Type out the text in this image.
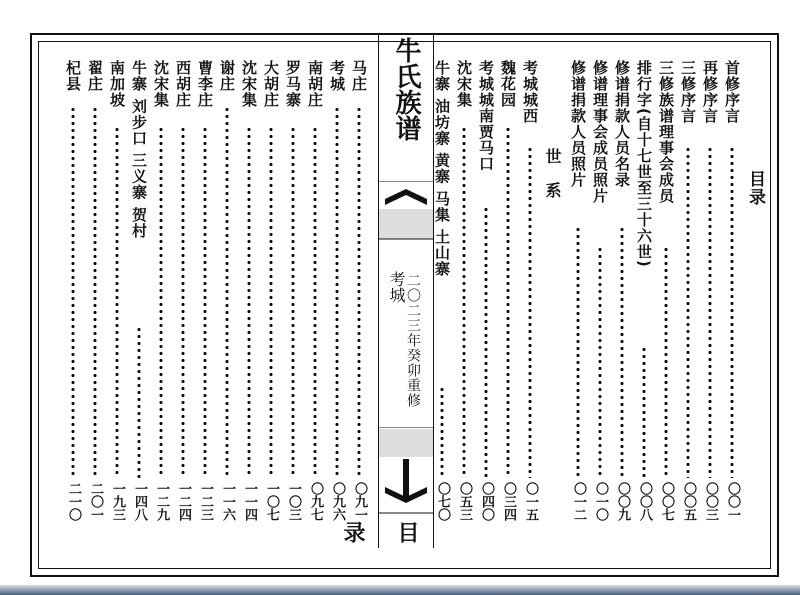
目录
首修序言
〇〇一
再修序言
〇〇三
三修序言
〇〇五
三修族谱理事会成员
〇〇七
排行字(自十七世至三十六世)
〇〇八
修谱捐款人员名录
〇〇九
修谱理事会成员照片
〇一〇
修谱捐款人员照片
〇一二
世系
考城城西
〇一五
魏花园
〇三四
考城城南贾马口
〇四〇
沈宋集
〇五三
牛寨 油坊寨 黄寨 马集 土山寨
〇七〇
牛氏族谱
考城 二〇二三年癸卯重修
目录
马庄
〇九一
考城
〇九六
南胡庄
〇九七
罗马寨
一〇三
大胡庄
一〇七
沈宋集
一一四
谢庄
一一六
曹李庄
一二三
西胡庄
一二四
沈宋集
一二九
牛寨 刘步口 三义寨 贺村
一四八
南加坡
一九三
翟庄
二〇一
杞县
二一〇
